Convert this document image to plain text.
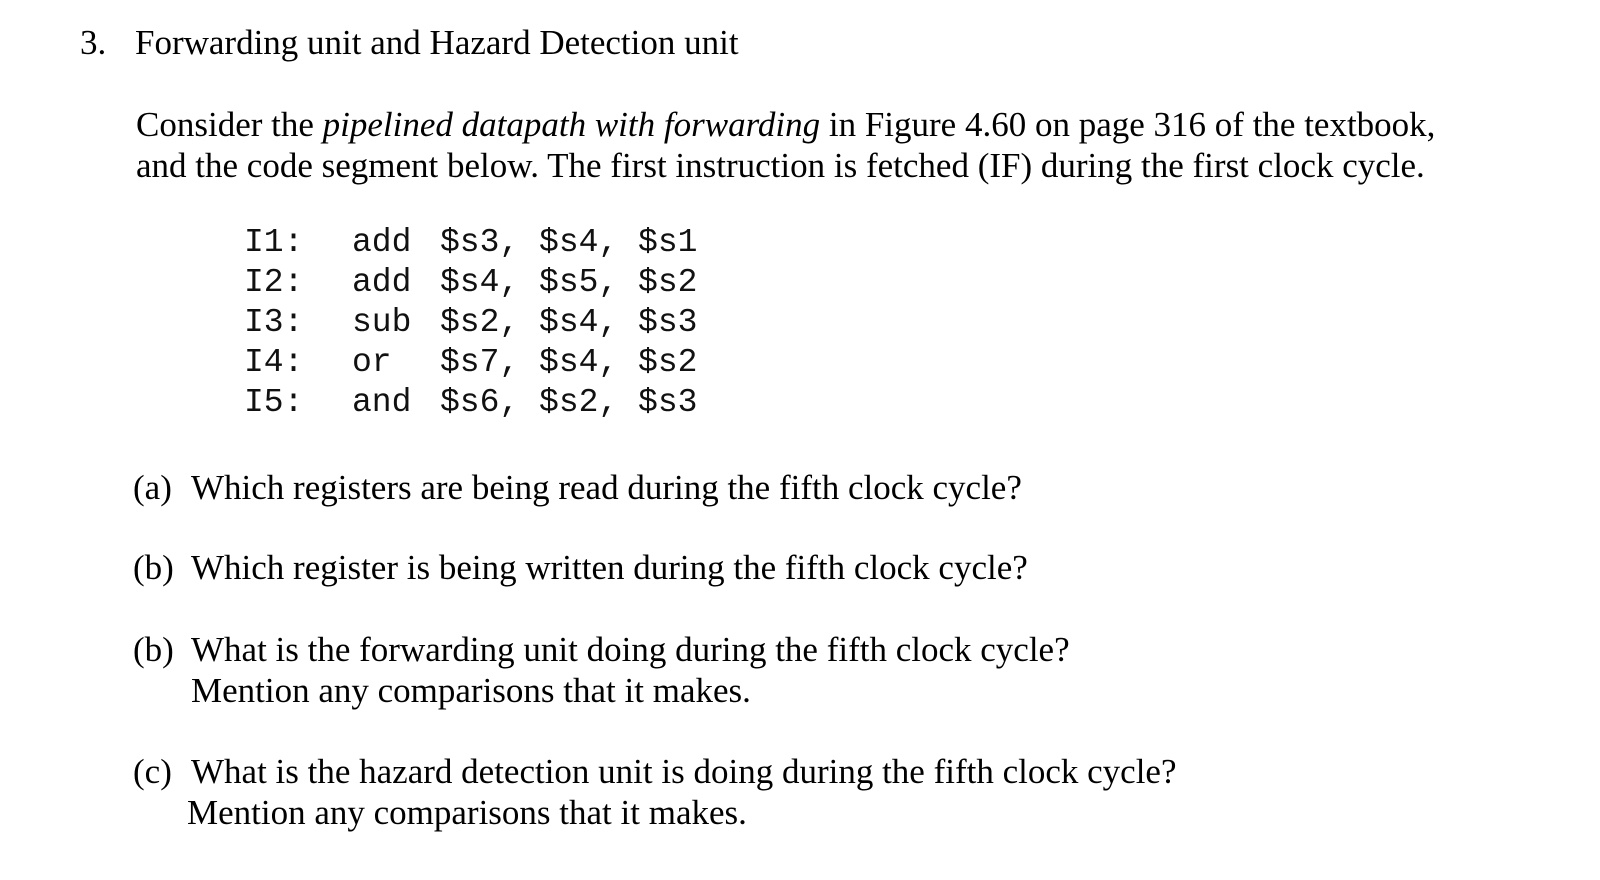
3. Forwarding unit and Hazard Detection unit
Consider the pipelined datapath with forwarding in Figure 4.60 on page 316 of the textbook,
and the code segment below. The first instruction is fetched (IF) during the first clock cycle.
I1: add $s3, $s4, $s1
I2: add $s4, $s5, $s2
I3: sub $s2, $s4, $s3
I4: or $s7, $s4, $s2
I5: and $s6, $s2, $s3
(a) Which registers are being read during the fifth clock cycle?
(b) Which register is being written during the fifth clock cycle?
(b) What is the forwarding unit doing during the fifth clock cycle?
Mention any comparisons that it makes.
(c) What is the hazard detection unit is doing during the fifth clock cycle?
Mention any comparisons that it makes.
